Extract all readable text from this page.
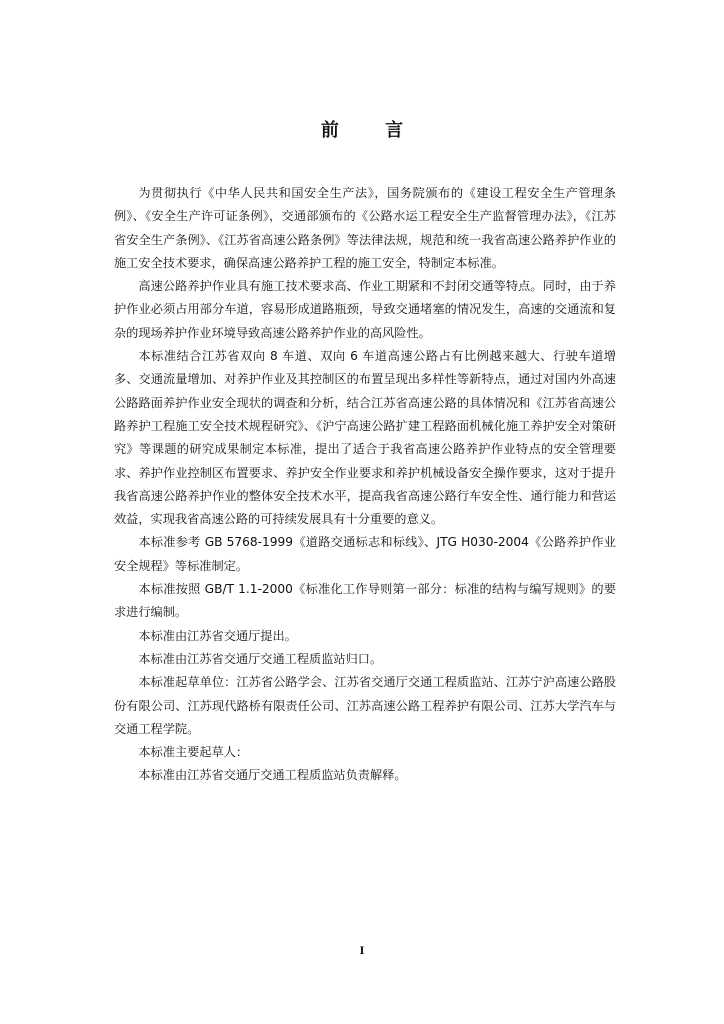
前 言

为贯彻执行《中华人民共和国安全生产法》，国务院颁布的《建设工程安全生产管理条例》、《安全生产许可证条例》，交通部颁布的《公路水运工程安全生产监督管理办法》，《江苏省安全生产条例》、《江苏省高速公路条例》等法律法规，规范和统一我省高速公路养护作业的施工安全技术要求，确保高速公路养护工程的施工安全，特制定本标准。

高速公路养护作业具有施工技术要求高、作业工期紧和不封闭交通等特点。同时，由于养护作业必须占用部分车道，容易形成道路瓶颈，导致交通堵塞的情况发生，高速的交通流和复杂的现场养护作业环境导致高速公路养护作业的高风险性。

本标准结合江苏省双向 8 车道、双向 6 车道高速公路占有比例越来越大、行驶车道增多、交通流量增加、对养护作业及其控制区的布置呈现出多样性等新特点，通过对国内外高速公路路面养护作业安全现状的调查和分析，结合江苏省高速公路的具体情况和《江苏省高速公路养护工程施工安全技术规程研究》、《沪宁高速公路扩建工程路面机械化施工养护安全对策研究》等课题的研究成果制定本标准，提出了适合于我省高速公路养护作业特点的安全管理要求、养护作业控制区布置要求、养护安全作业要求和养护机械设备安全操作要求，这对于提升我省高速公路养护作业的整体安全技术水平，提高我省高速公路行车安全性、通行能力和营运效益，实现我省高速公路的可持续发展具有十分重要的意义。

本标准参考 GB 5768-1999《道路交通标志和标线》、JTG H030-2004《公路养护作业安全规程》等标准制定。

本标准按照 GB/T 1.1-2000《标准化工作导则第一部分：标准的结构与编写规则》的要求进行编制。

本标准由江苏省交通厅提出。

本标准由江苏省交通厅交通工程质监站归口。

本标准起草单位：江苏省公路学会、江苏省交通厅交通工程质监站、江苏宁沪高速公路股份有限公司、江苏现代路桥有限责任公司、江苏高速公路工程养护有限公司、江苏大学汽车与交通工程学院。

本标准主要起草人：

本标准由江苏省交通厅交通工程质监站负责解释。

I
